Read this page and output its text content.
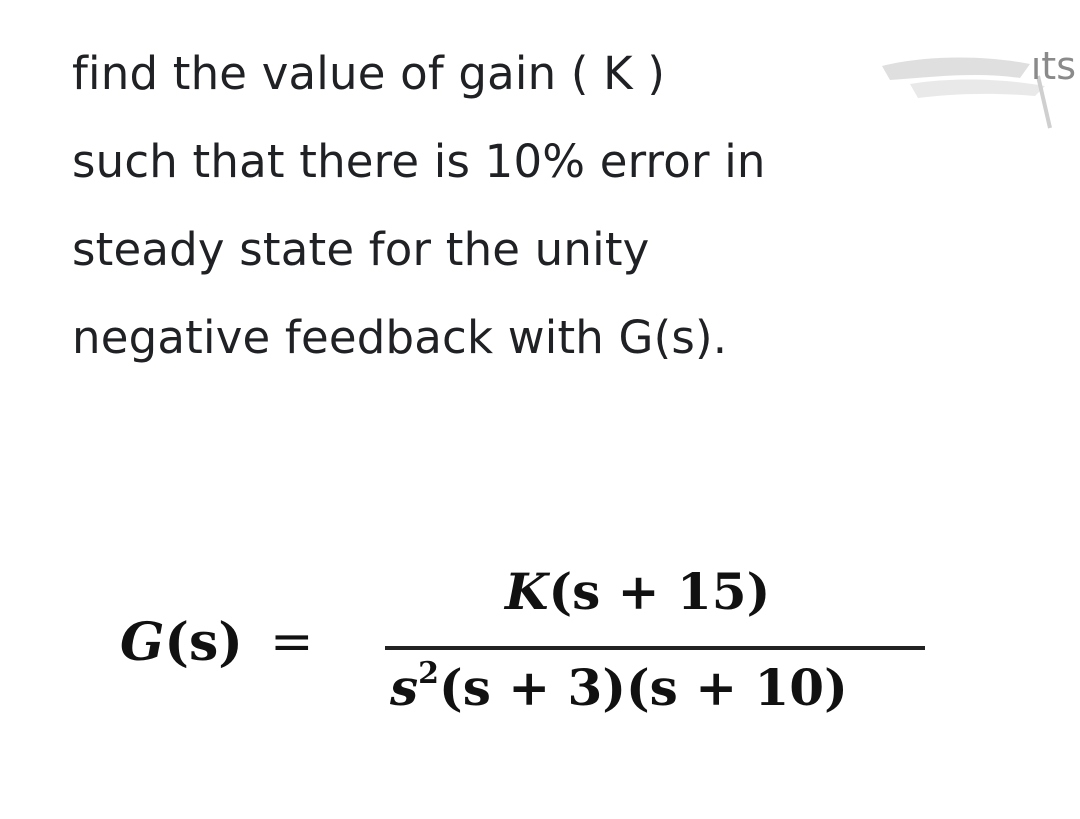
find the value of gain ( K )
such that there is 10% error in
steady state for the unity
negative feedback with G(s).
ıts
G(s) =
K(s + 15)
$s^2(s + 3)(s + 10)$
